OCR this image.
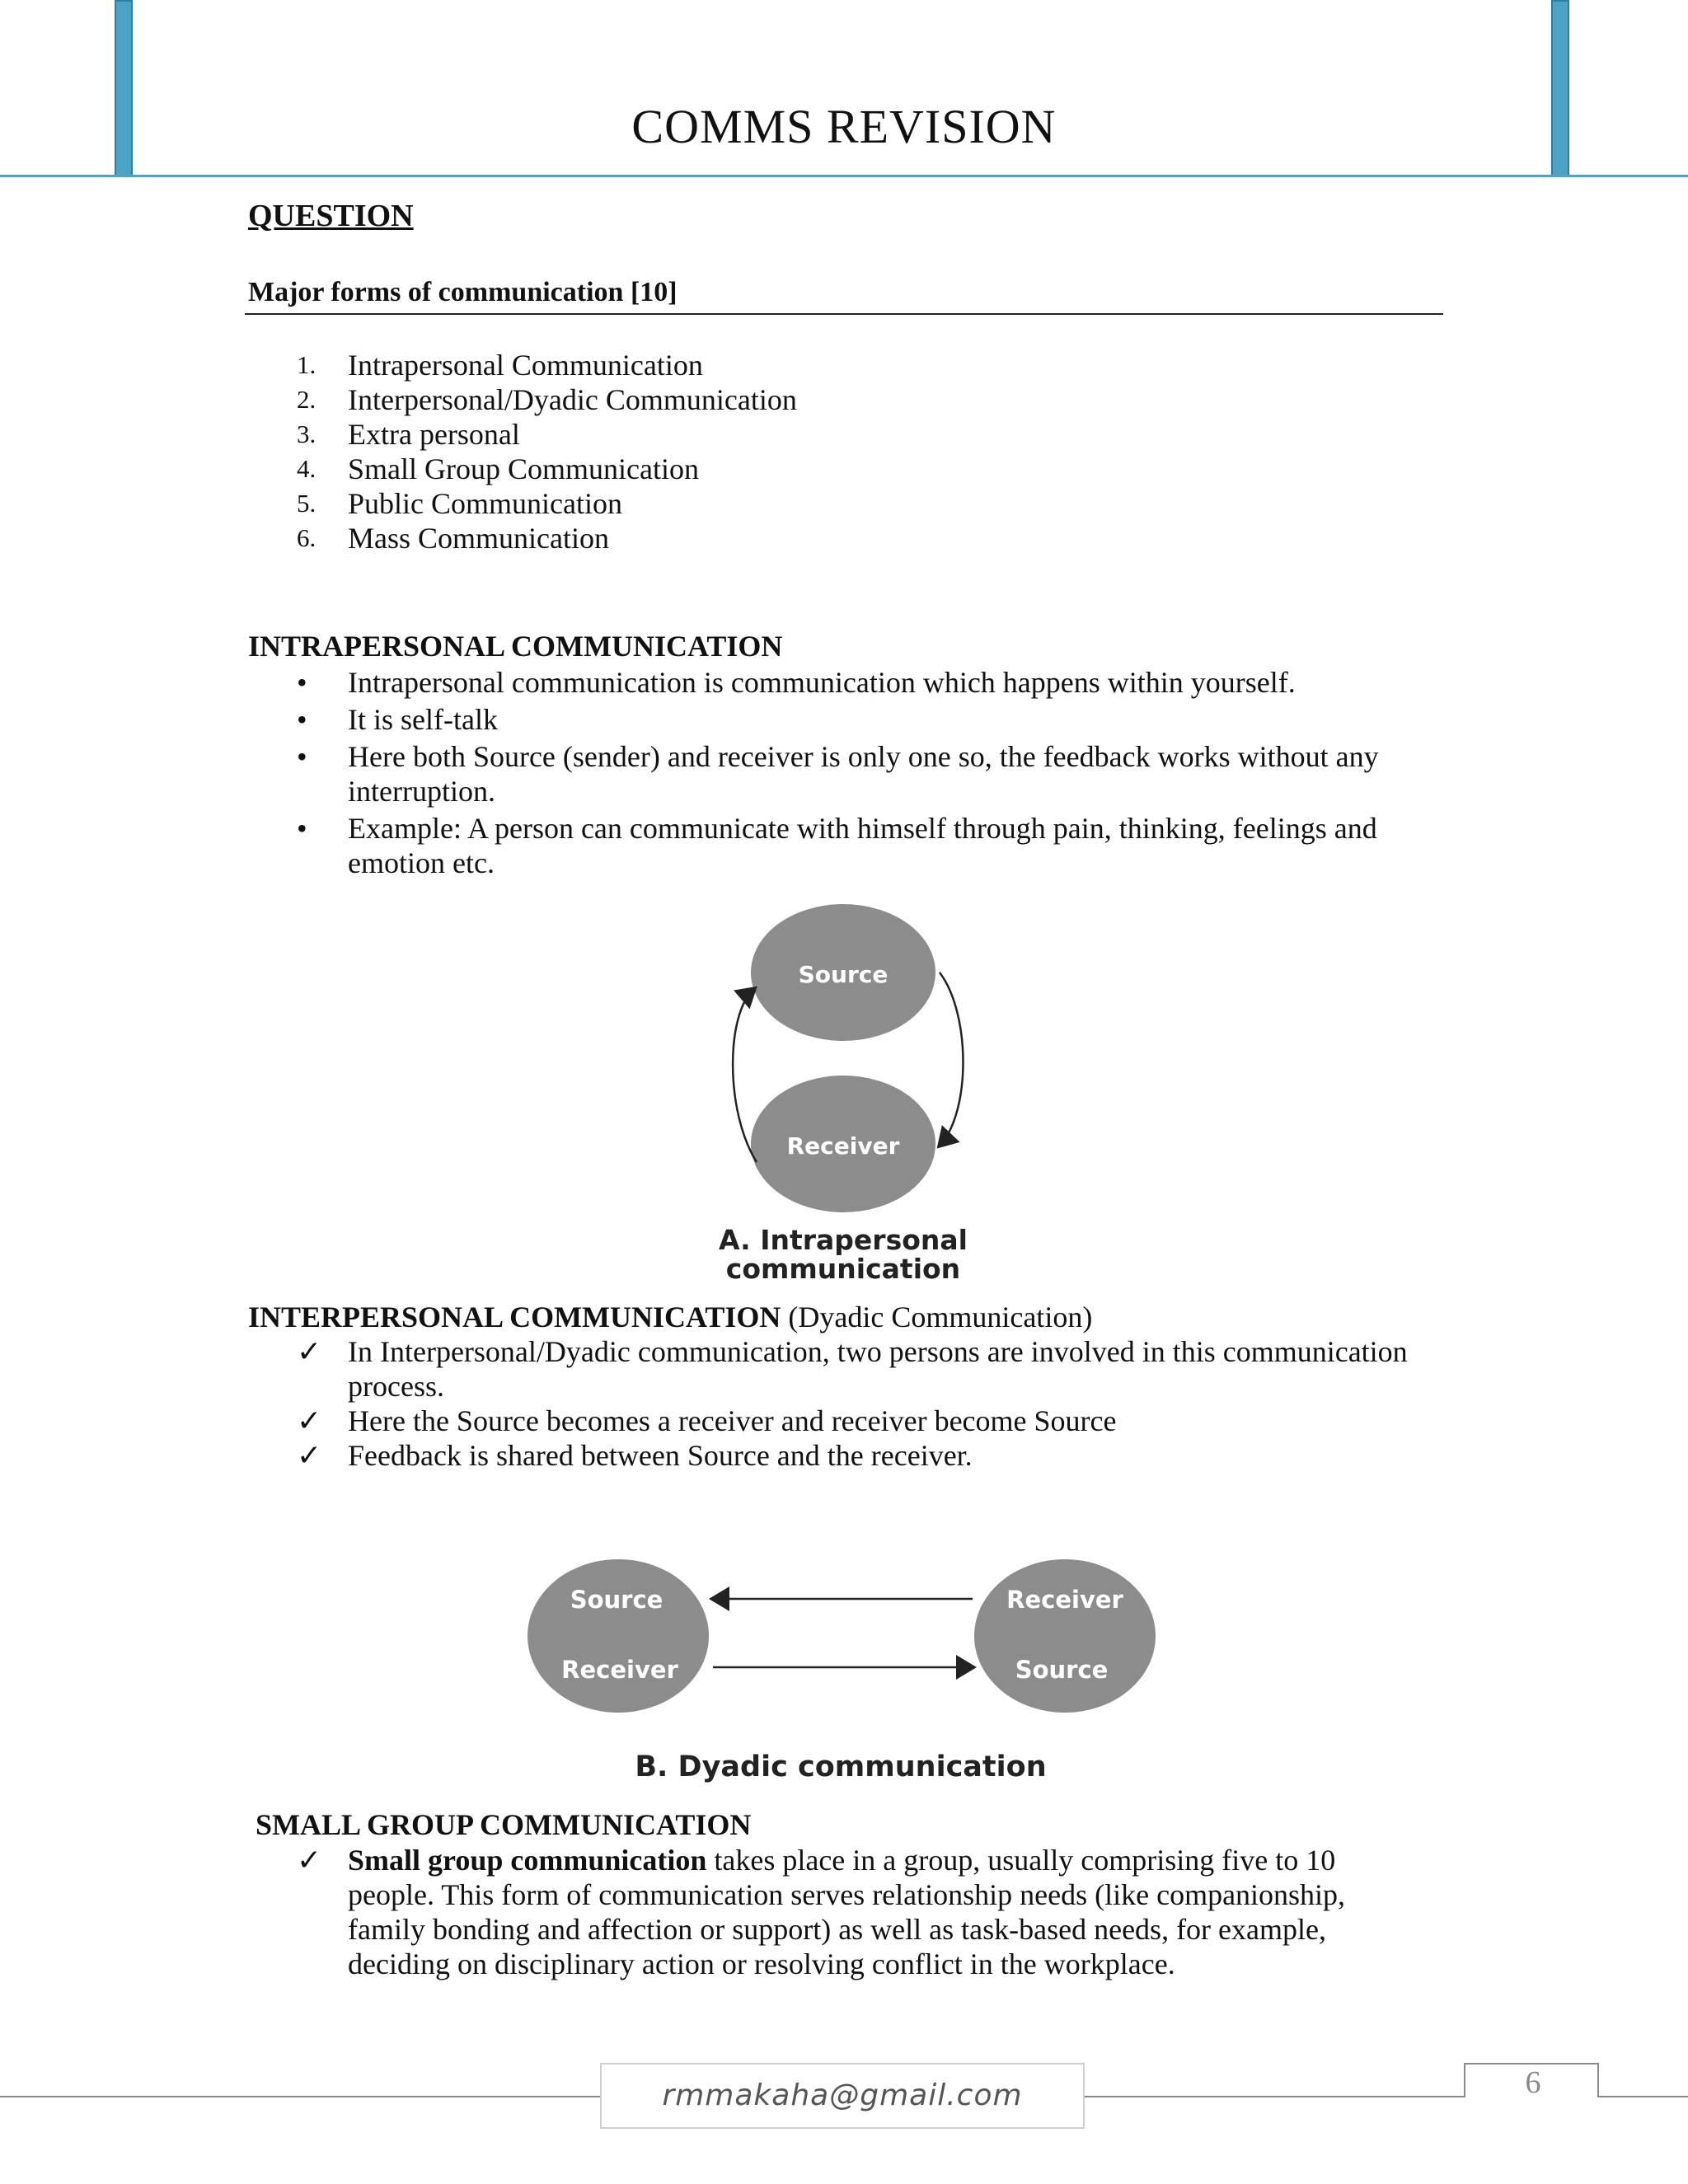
COMMS REVISION
QUESTION
Major forms of communication [10]
1. Intrapersonal Communication
2. Interpersonal/Dyadic Communication
3. Extra personal
4. Small Group Communication
5. Public Communication
6. Mass Communication
INTRAPERSONAL COMMUNICATION
•	Intrapersonal communication is communication which happens within yourself.
•	It is self-talk
•	Here both Source (sender) and receiver is only one so, the feedback works without any interruption.
•	Example: A person can communicate with himself through pain, thinking, feelings and emotion etc.
Source
Receiver
A. Intrapersonal
communication
INTERPERSONAL COMMUNICATION (Dyadic Communication)
✓ In Interpersonal/Dyadic communication, two persons are involved in this communication process.
✓ Here the Source becomes a receiver and receiver become Source
✓ Feedback is shared between Source and the receiver.
Source
Receiver
Receiver
Source
B. Dyadic communication
SMALL GROUP COMMUNICATION
✓ Small group communication takes place in a group, usually comprising five to 10 people. This form of communication serves relationship needs (like companionship, family bonding and affection or support) as well as task-based needs, for example, deciding on disciplinary action or resolving conflict in the workplace.
rmmakaha@gmail.com	6
